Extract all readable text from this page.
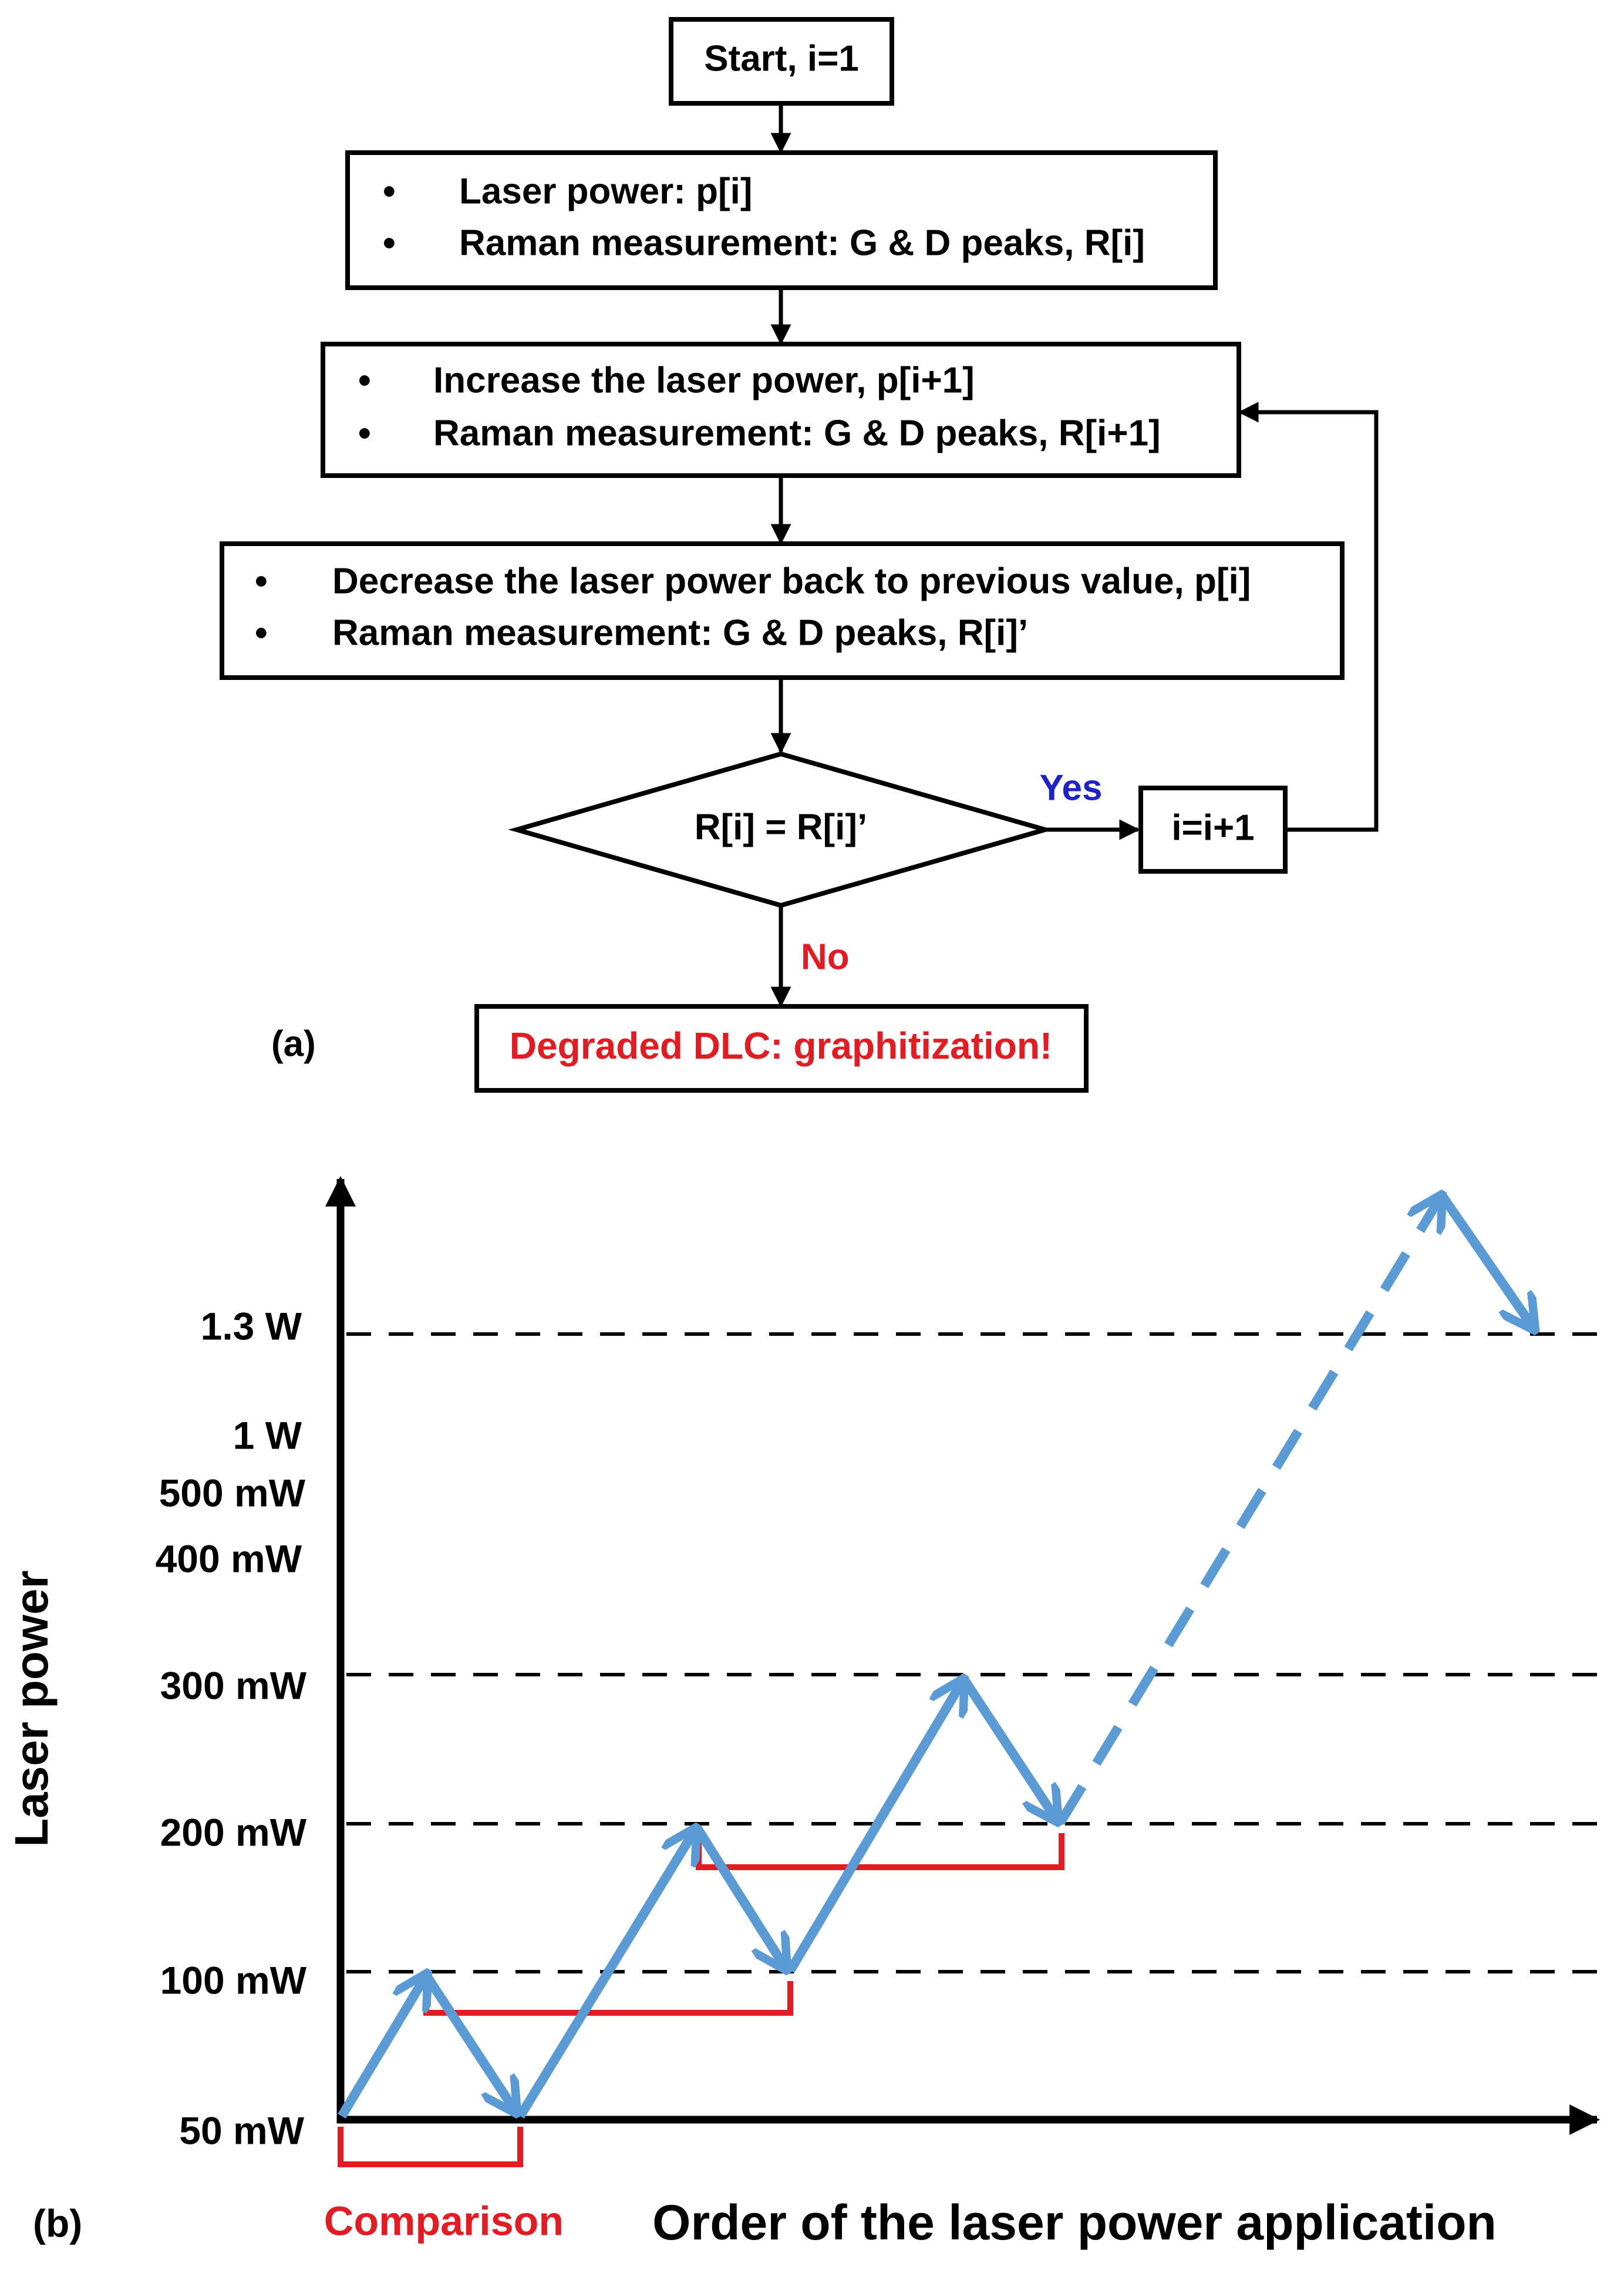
Start, i=1
• Laser power: p[i]
• Raman measurement: G & D peaks, R[i]
• Increase the laser power, p[i+1]
• Raman measurement: G & D peaks, R[i+1]
• Decrease the laser power back to previous value, p[i]
• Raman measurement: G & D peaks, R[i]’
R[i] = R[i]’
Yes
i=i+1
No
Degraded DLC: graphitization!
(a)
50 mW
100 mW
200 mW
300 mW
400 mW
500 mW
1 W
1.3 W
Laser power
Order of the laser power application
Comparison
(b)
